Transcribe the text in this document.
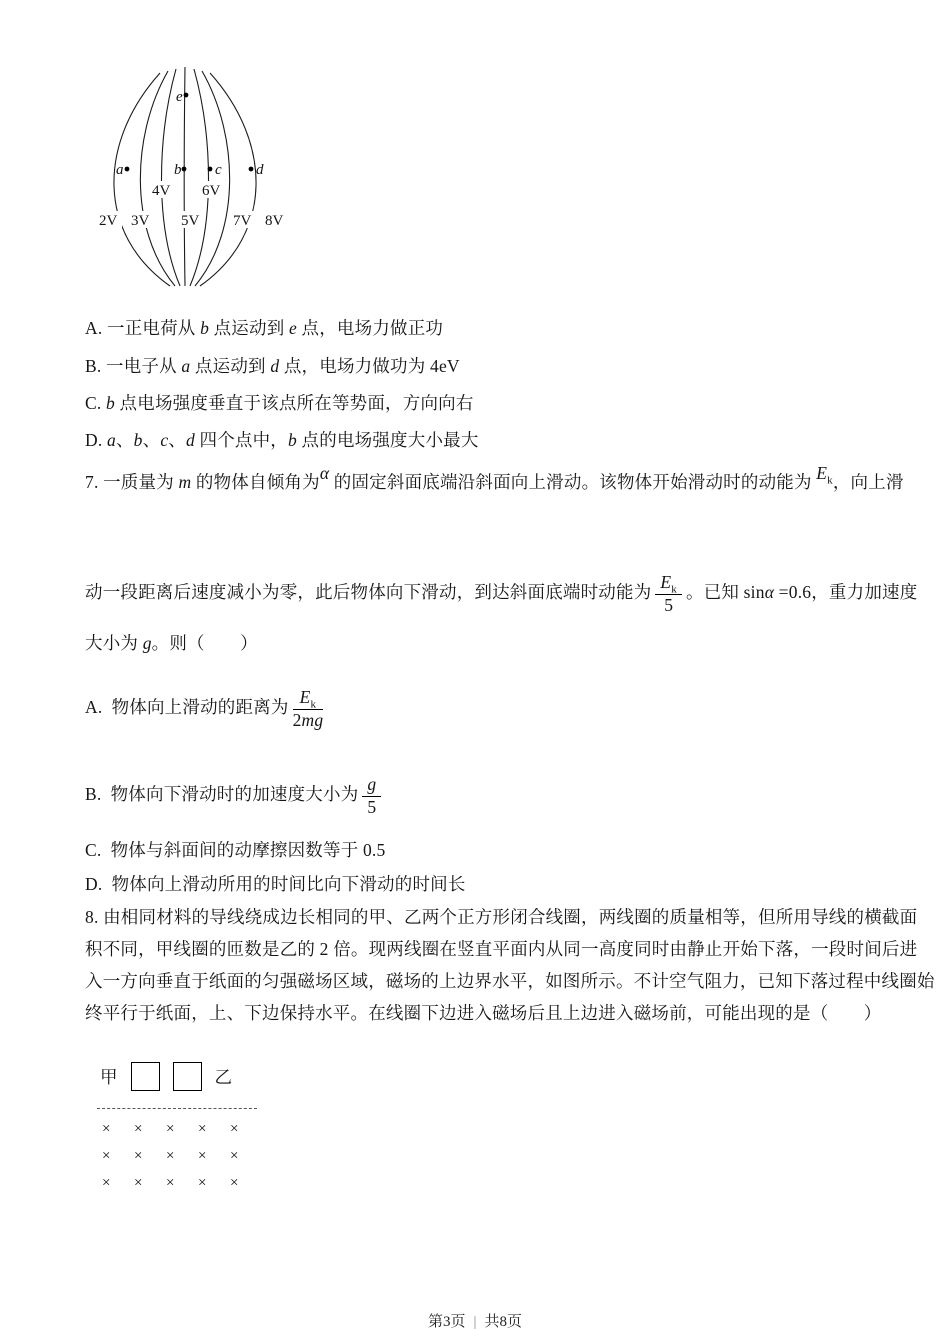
4V 6V
2V 3V 5V 7V 8V
e
a	b c d
A. 一正电荷从 b 点运动到 e 点，电场力做正功
B. 一电子从 a 点运动到 d 点，电场力做功为 4eV
C. b 点电场强度垂直于该点所在等势面，方向向右
D. a、b、c、d 四个点中，b 点的电场强度大小最大
7. 一质量为 m 的物体自倾角为α 的固定斜面底端沿斜面向上滑动。该物体开始滑动时的动能为 $E_k$，向上滑
动一段距离后速度减小为零，此后物体向下滑动，到达斜面底端时动能为 $\frac{E_k}{5}$ 。已知 sinα =0.6，重力加速度
大小为 g。则（　　）
A.  物体向上滑动的距离为 $\frac{E_k}{2mg}$
B.  物体向下滑动时的加速度大小为 $\frac{g}{5}$
C.  物体与斜面间的动摩擦因数等于 0.5
D.  物体向上滑动所用的时间比向下滑动的时间长
8. 由相同材料的导线绕成边长相同的甲、乙两个正方形闭合线圈，两线圈的质量相等，但所用导线的横截面
积不同，甲线圈的匝数是乙的 2 倍。现两线圈在竖直平面内从同一高度同时由静止开始下落，一段时间后进
入一方向垂直于纸面的匀强磁场区域，磁场的上边界水平，如图所示。不计空气阻力，已知下落过程中线圈始
终平行于纸面，上、下边保持水平。在线圈下边进入磁场后且上边进入磁场前，可能出现的是（　　）
甲	乙
×	×	×	×	×
×	×	×	×	×
×	×	×	×	×
第3页 | 共8页
